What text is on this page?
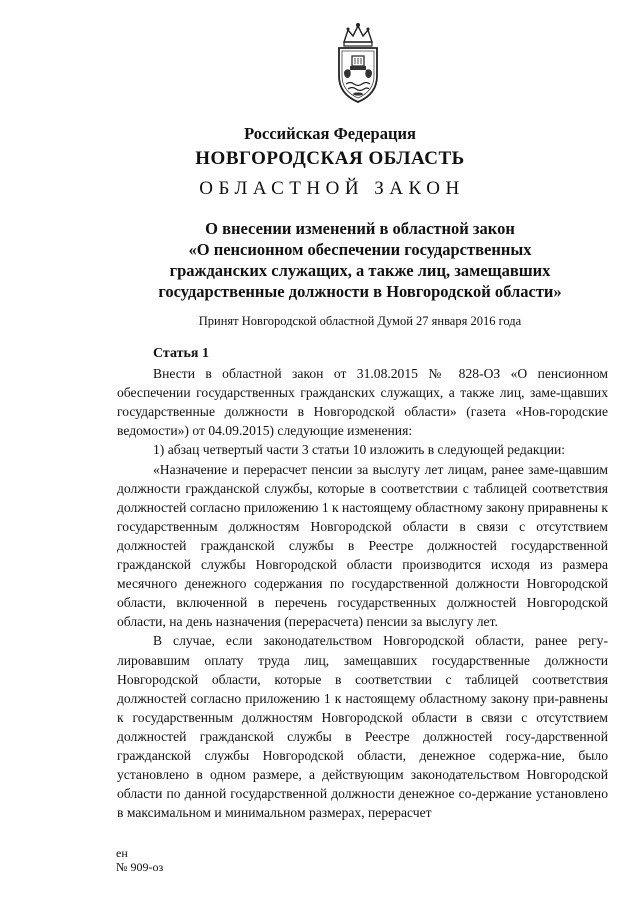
Российская Федерация
НОВГОРОДСКАЯ ОБЛАСТЬ
ОБЛАСТНОЙ ЗАКОН
О внесении изменений в областной закон
«О пенсионном обеспечении государственных
гражданских служащих, а также лиц, замещавших
государственные должности в Новгородской области»
Принят Новгородской областной Думой 27 января 2016 года
Статья 1

Внести в областной закон от 31.08.2015 № 828-ОЗ «О пенсионном обеспечении государственных гражданских служащих, а также лиц, заме-щавших государственные должности в Новгородской области» (газета «Нов-городские ведомости») от 04.09.2015) следующие изменения:

1) абзац четвертый части 3 статьи 10 изложить в следующей редакции:

«Назначение и перерасчет пенсии за выслугу лет лицам, ранее заме-щавшим должности гражданской службы, которые в соответствии с таблицей соответствия должностей согласно приложению 1 к настоящему областному закону приравнены к государственным должностям Новгородской области в связи с отсутствием должностей гражданской службы в Реестре должностей государственной гражданской службы Новгородской области производится исходя из размера месячного денежного содержания по государственной должности Новгородской области, включенной в перечень государственных должностей Новгородской области, на день назначения (перерасчета) пенсии за выслугу лет.

В случае, если законодательством Новгородской области, ранее регу-лировавшим оплату труда лиц, замещавших государственные должности Новгородской области, которые в соответствии с таблицей соответствия должностей согласно приложению 1 к настоящему областному закону при-равнены к государственным должностям Новгородской области в связи с отсутствием должностей гражданской службы в Реестре должностей госу-дарственной гражданской службы Новгородской области, денежное содержа-ние, было установлено в одном размере, а действующим законодательством Новгородской области по данной государственной должности денежное со-держание установлено в максимальном и минимальном размерах, перерасчет

ен
№ 909-оз
